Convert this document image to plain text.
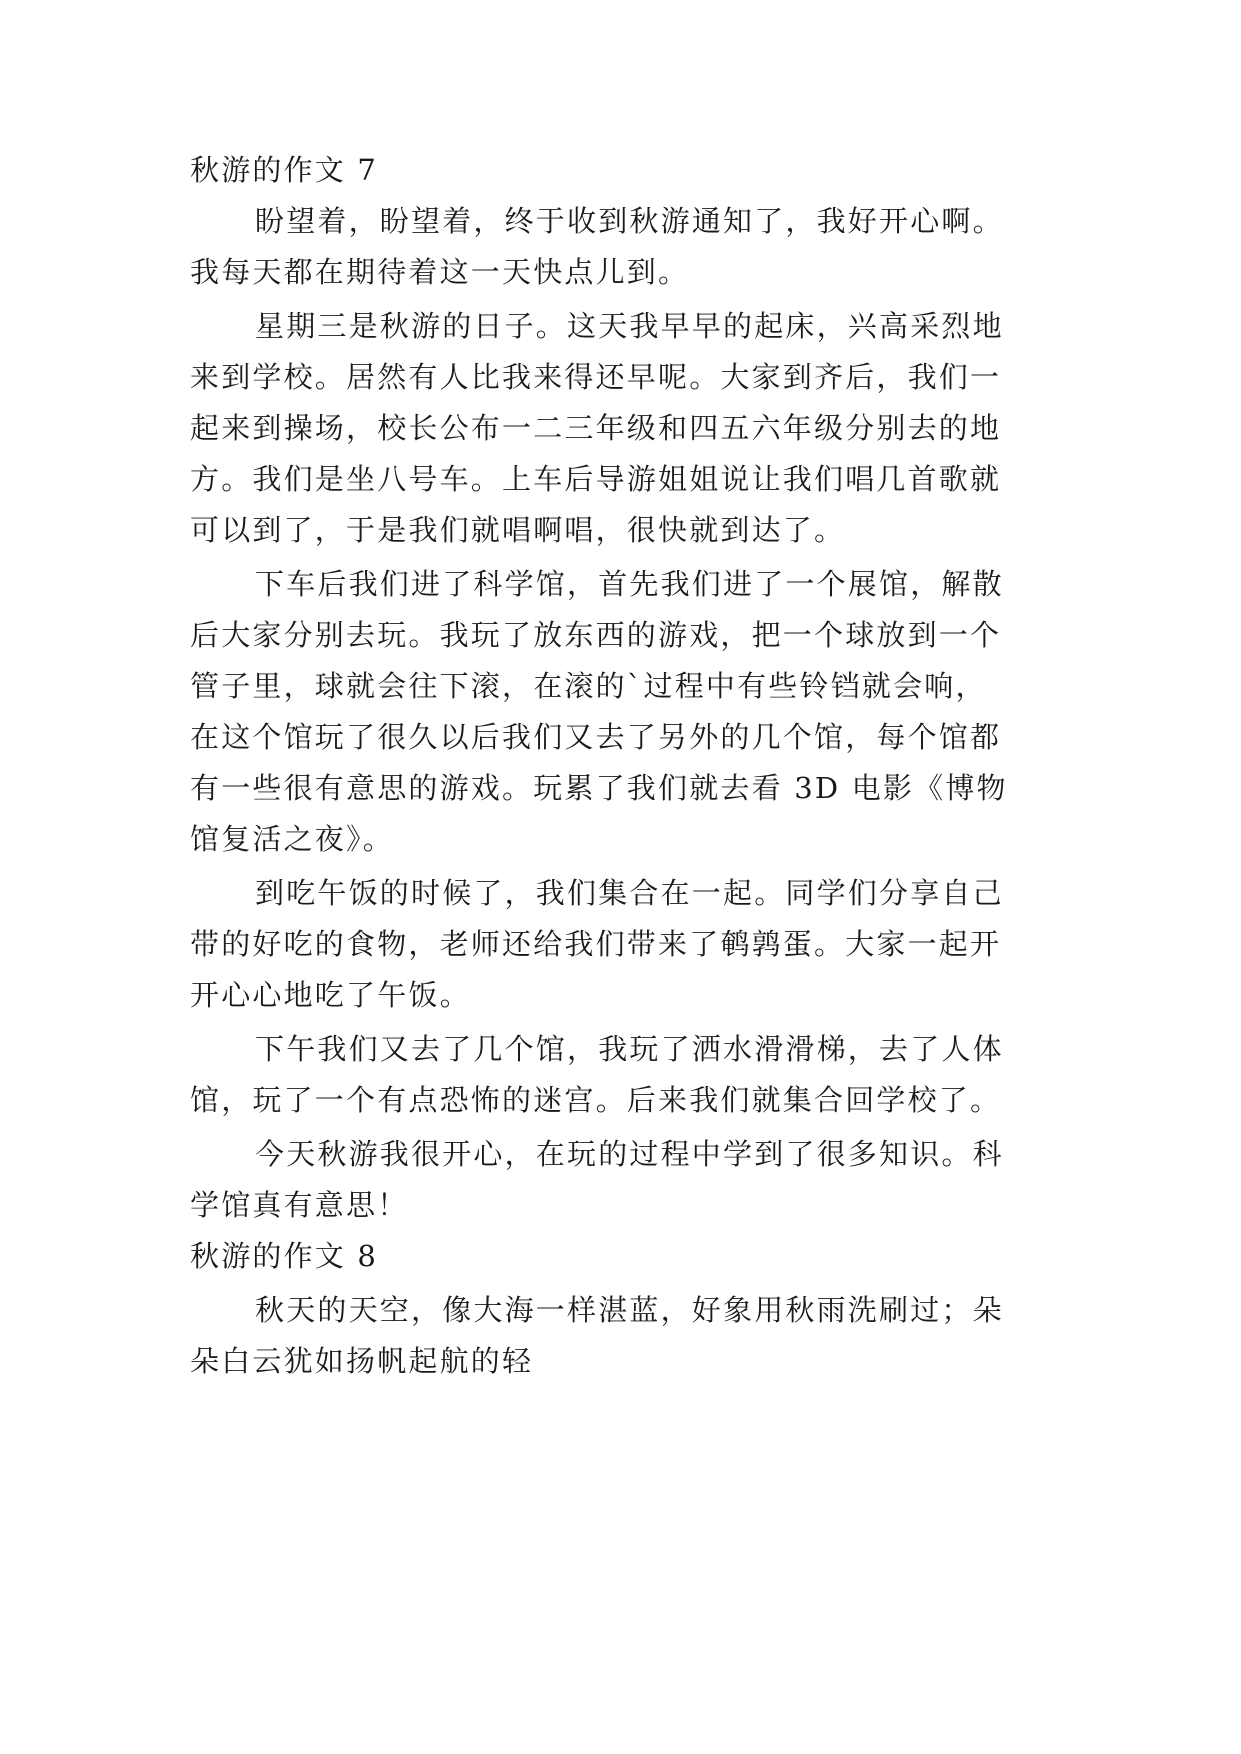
秋游的作文 7
盼望着，盼望着，终于收到秋游通知了，我好开心啊。
我每天都在期待着这一天快点儿到。
星期三是秋游的日子。这天我早早的起床，兴高采烈地
来到学校。居然有人比我来得还早呢。大家到齐后，我们一
起来到操场，校长公布一二三年级和四五六年级分别去的地
方。我们是坐八号车。上车后导游姐姐说让我们唱几首歌就
可以到了，于是我们就唱啊唱，很快就到达了。
下车后我们进了科学馆，首先我们进了一个展馆，解散
后大家分别去玩。我玩了放东西的游戏，把一个球放到一个
管子里，球就会往下滚，在滚的`过程中有些铃铛就会响，
在这个馆玩了很久以后我们又去了另外的几个馆，每个馆都
有一些很有意思的游戏。玩累了我们就去看 3D 电影《博物
馆复活之夜》。
到吃午饭的时候了，我们集合在一起。同学们分享自己
带的好吃的食物，老师还给我们带来了鹌鹑蛋。大家一起开
开心心地吃了午饭。
下午我们又去了几个馆，我玩了洒水滑滑梯，去了人体
馆，玩了一个有点恐怖的迷宫。后来我们就集合回学校了。
今天秋游我很开心，在玩的过程中学到了很多知识。科
学馆真有意思！
秋游的作文 8
秋天的天空，像大海一样湛蓝，好象用秋雨洗刷过；朵
朵白云犹如扬帆起航的轻
